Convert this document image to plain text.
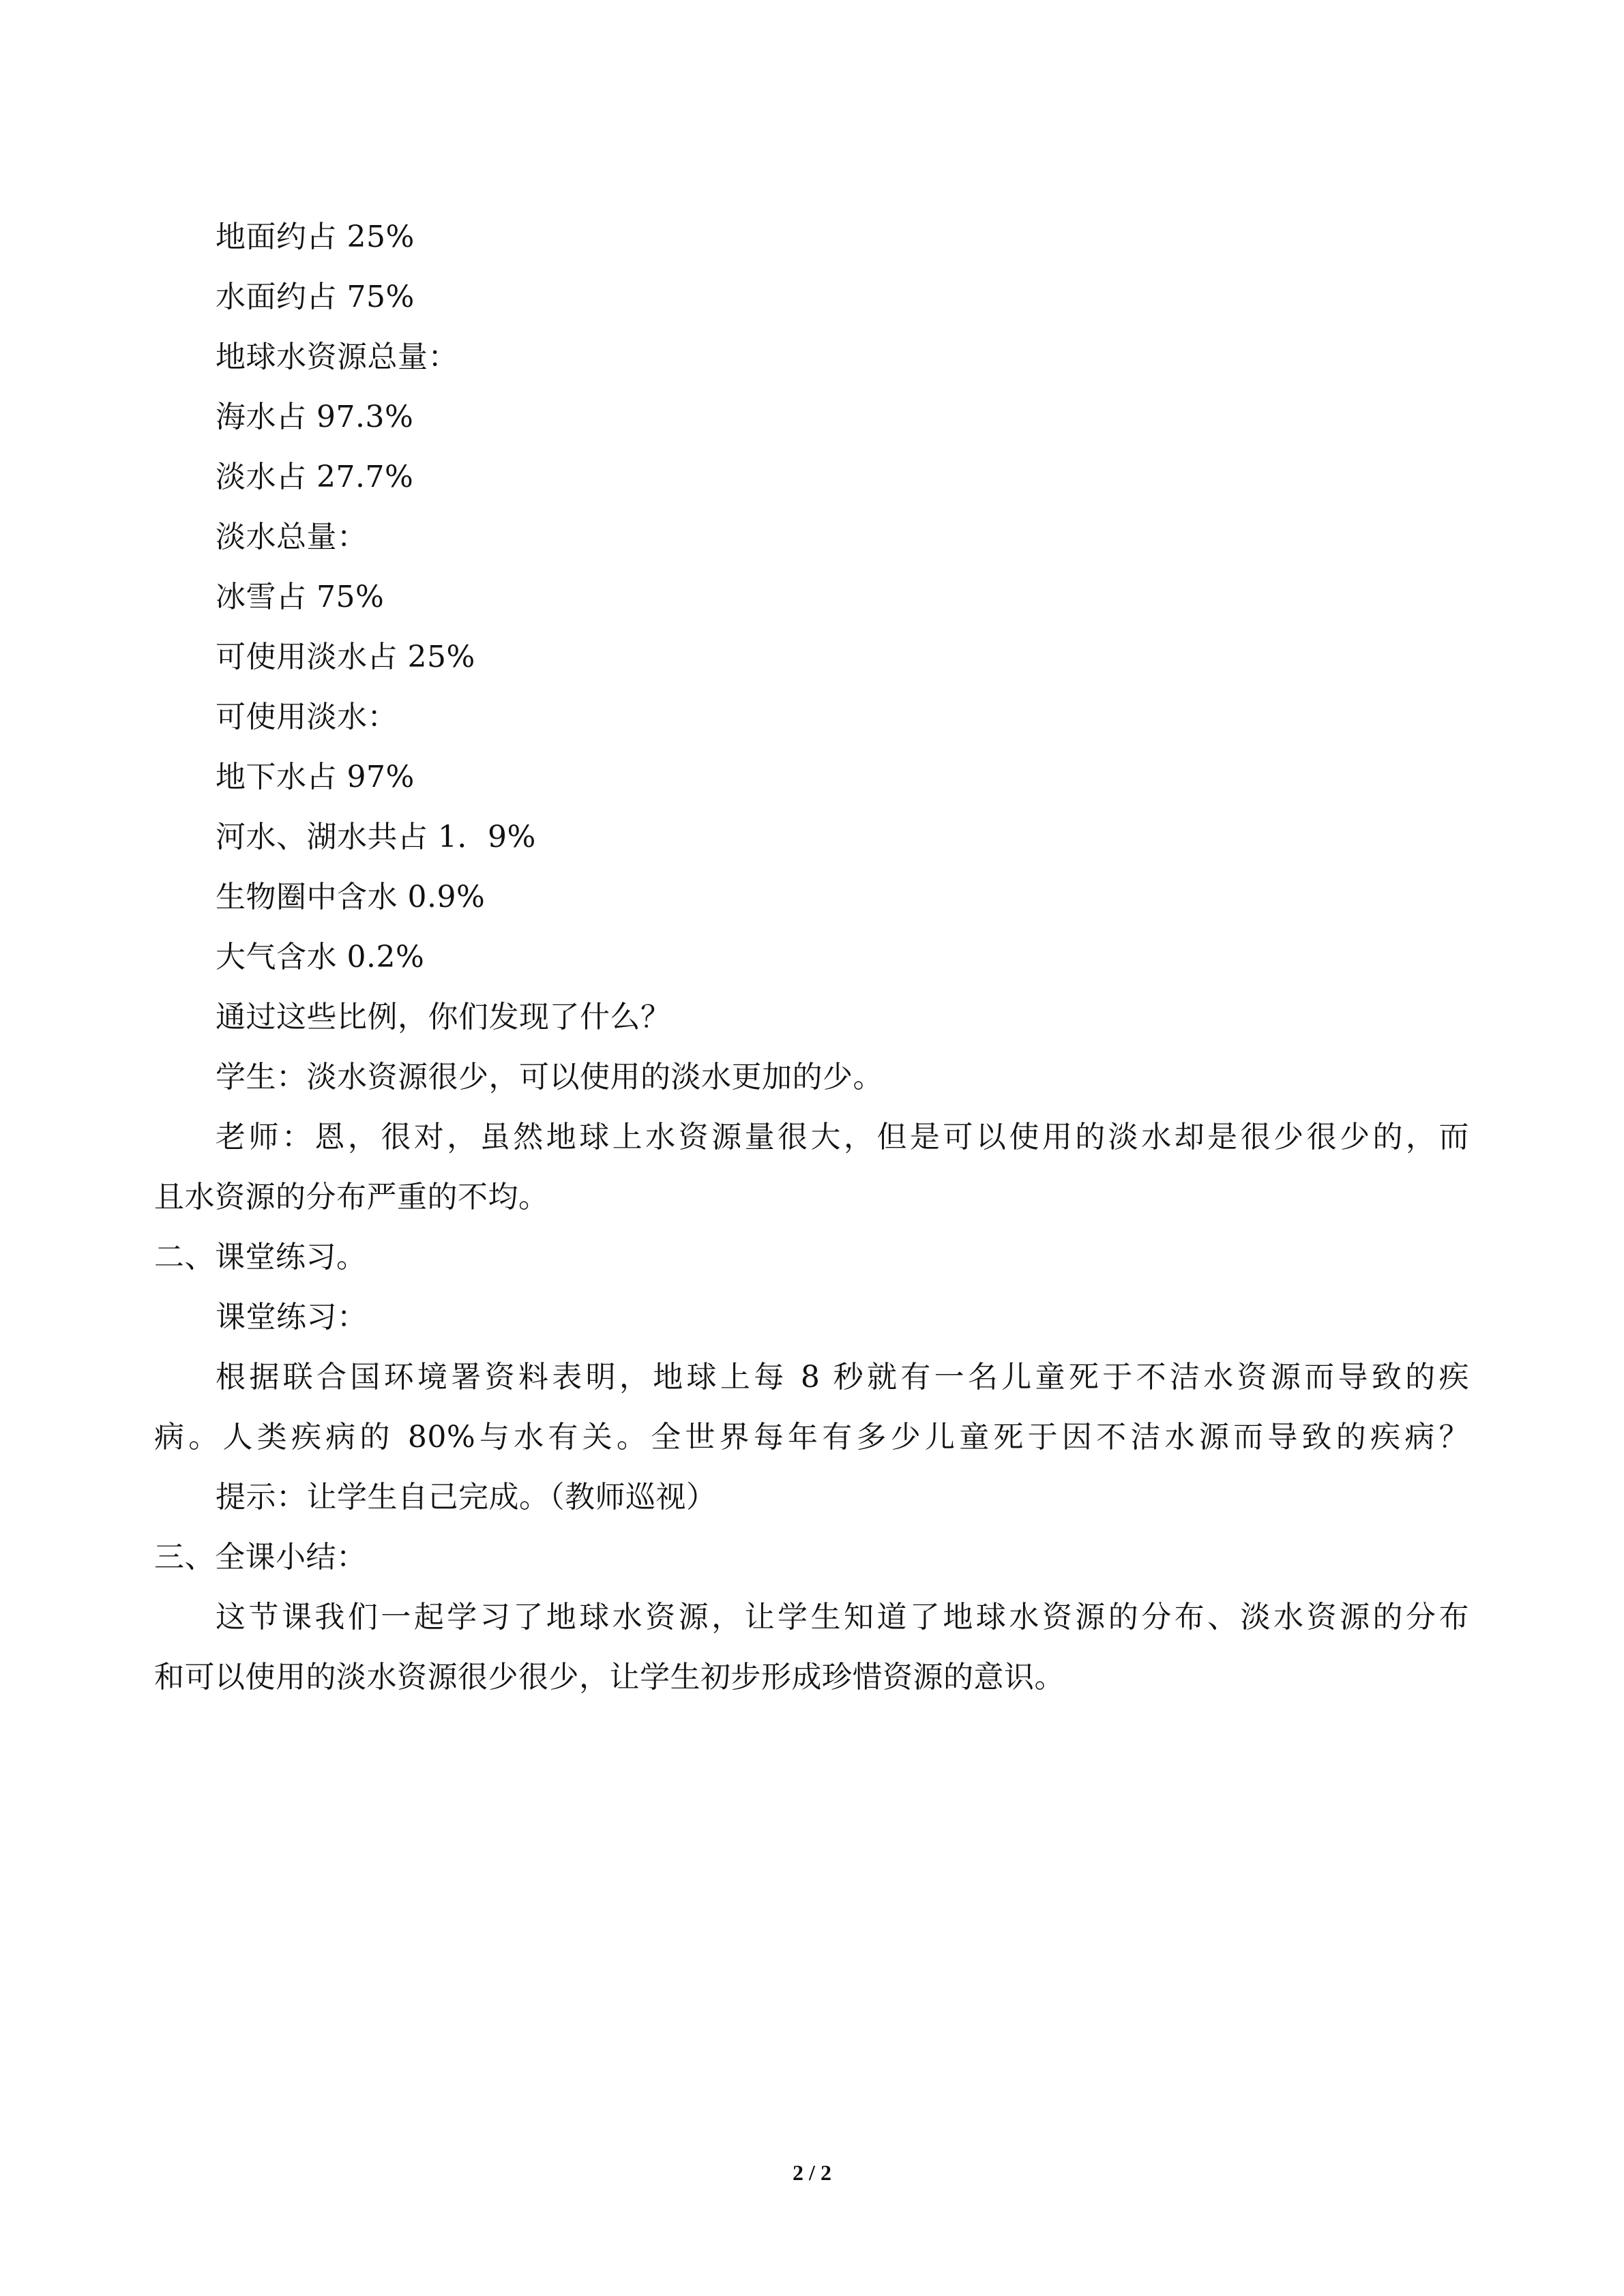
地面约占 25%
水面约占 75%
地球水资源总量：
海水占 97.3%
淡水占 27.7%
淡水总量：
冰雪占 75%
可使用淡水占 25%
可使用淡水：
地下水占 97%
河水、湖水共占 1．9%
生物圈中含水 0.9%
大气含水 0.2%
通过这些比例，你们发现了什么？
学生：淡水资源很少，可以使用的淡水更加的少。
老师：恩，很对，虽然地球上水资源量很大，但是可以使用的淡水却是很少很少的，而
且水资源的分布严重的不均。
二、课堂练习。
课堂练习：
根据联合国环境署资料表明，地球上每 8 秒就有一名儿童死于不洁水资源而导致的疾
病。人类疾病的 80%与水有关。全世界每年有多少儿童死于因不洁水源而导致的疾病？
提示：让学生自己完成。（教师巡视）
三、全课小结：
这节课我们一起学习了地球水资源，让学生知道了地球水资源的分布、淡水资源的分布
和可以使用的淡水资源很少很少，让学生初步形成珍惜资源的意识。
2 / 2
